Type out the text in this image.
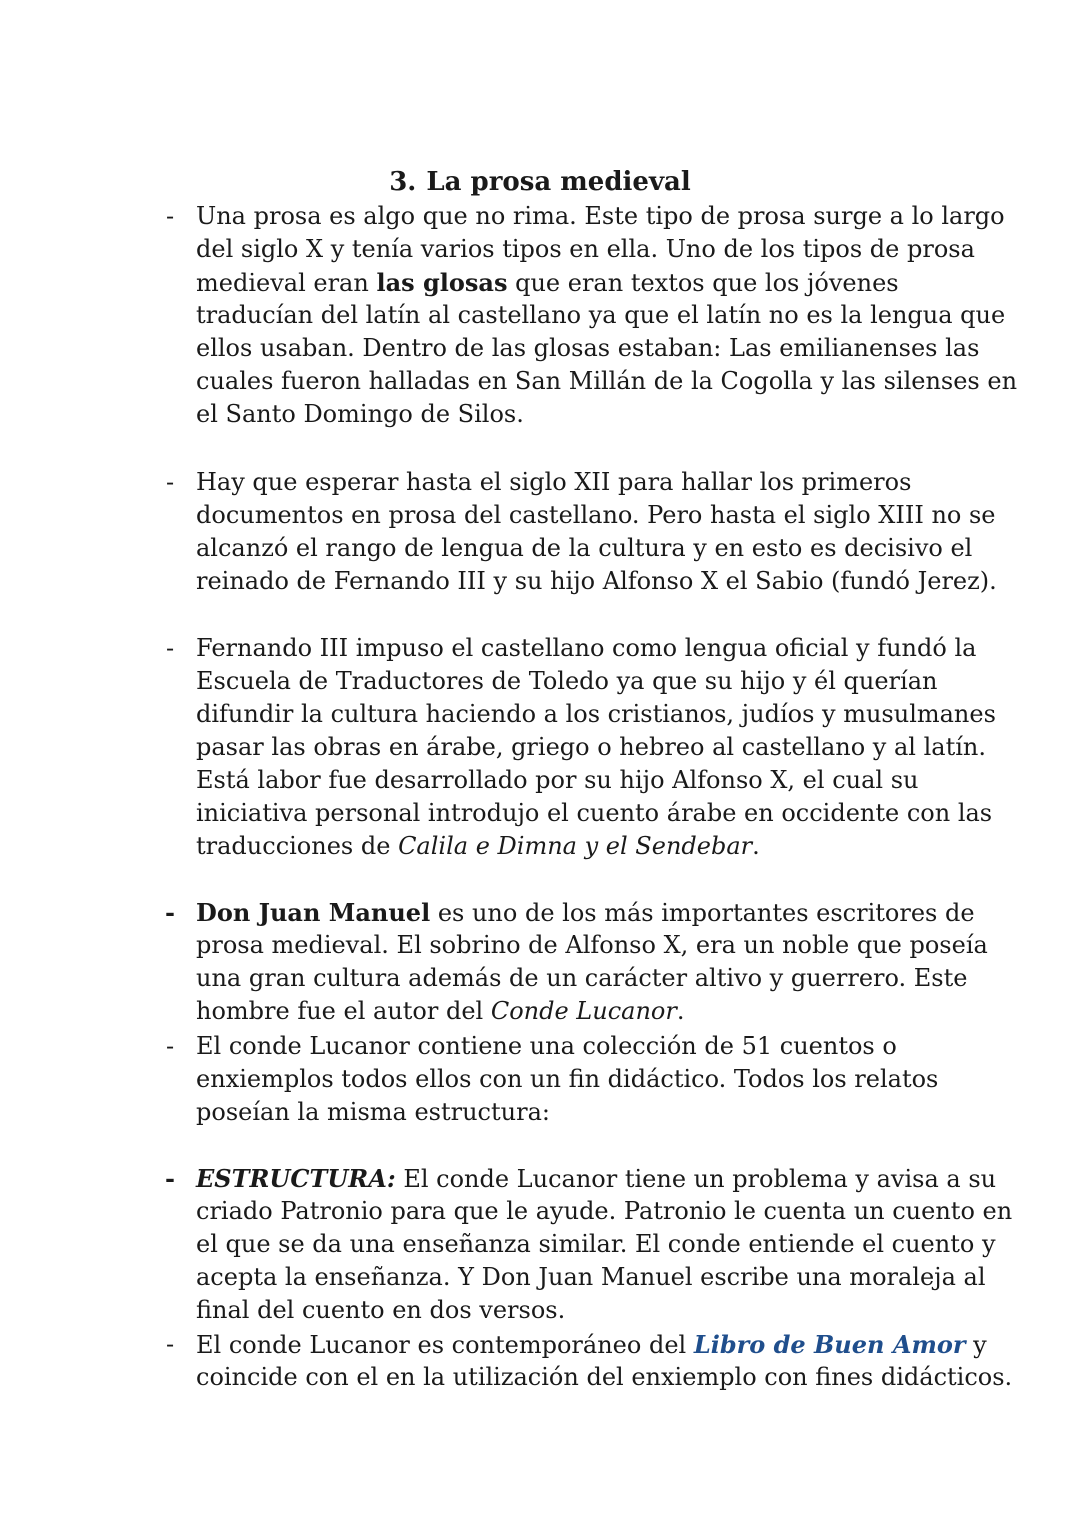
3. La prosa medieval
- Una prosa es algo que no rima. Este tipo de prosa surge a lo largo
del siglo X y tenía varios tipos en ella. Uno de los tipos de prosa
medieval eran las glosas que eran textos que los jóvenes
traducían del latín al castellano ya que el latín no es la lengua que
ellos usaban. Dentro de las glosas estaban: Las emilianenses las
cuales fueron halladas en San Millán de la Cogolla y las silenses en
el Santo Domingo de Silos.
- Hay que esperar hasta el siglo XII para hallar los primeros
documentos en prosa del castellano. Pero hasta el siglo XIII no se
alcanzó el rango de lengua de la cultura y en esto es decisivo el
reinado de Fernando III y su hijo Alfonso X el Sabio (fundó Jerez).
- Fernando III impuso el castellano como lengua oficial y fundó la
Escuela de Traductores de Toledo ya que su hijo y él querían
difundir la cultura haciendo a los cristianos, judíos y musulmanes
pasar las obras en árabe, griego o hebreo al castellano y al latín.
Está labor fue desarrollado por su hijo Alfonso X, el cual su
iniciativa personal introdujo el cuento árabe en occidente con las
traducciones de Calila e Dimna y el Sendebar.
- Don Juan Manuel es uno de los más importantes escritores de
prosa medieval. El sobrino de Alfonso X, era un noble que poseía
una gran cultura además de un carácter altivo y guerrero. Este
hombre fue el autor del Conde Lucanor.
- El conde Lucanor contiene una colección de 51 cuentos o
enxiemplos todos ellos con un fin didáctico. Todos los relatos
poseían la misma estructura:
- ESTRUCTURA: El conde Lucanor tiene un problema y avisa a su
criado Patronio para que le ayude. Patronio le cuenta un cuento en
el que se da una enseñanza similar. El conde entiende el cuento y
acepta la enseñanza. Y Don Juan Manuel escribe una moraleja al
final del cuento en dos versos.
- El conde Lucanor es contemporáneo del Libro de Buen Amor y
coincide con el en la utilización del enxiemplo con fines didácticos.
